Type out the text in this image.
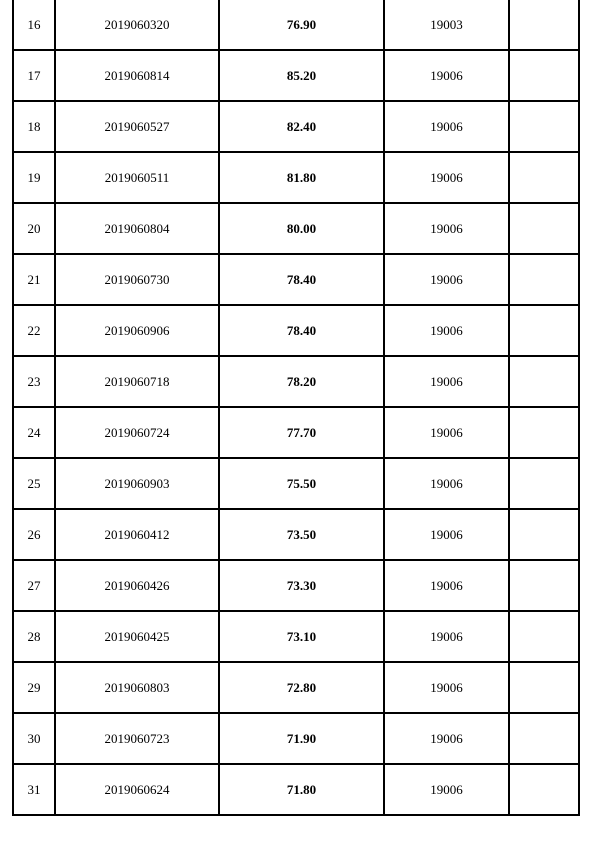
16	2019060320	76.90	19003	
17	2019060814	85.20	19006	
18	2019060527	82.40	19006	
19	2019060511	81.80	19006	
20	2019060804	80.00	19006	
21	2019060730	78.40	19006	
22	2019060906	78.40	19006	
23	2019060718	78.20	19006	
24	2019060724	77.70	19006	
25	2019060903	75.50	19006	
26	2019060412	73.50	19006	
27	2019060426	73.30	19006	
28	2019060425	73.10	19006	
29	2019060803	72.80	19006	
30	2019060723	71.90	19006	
31	2019060624	71.80	19006	
